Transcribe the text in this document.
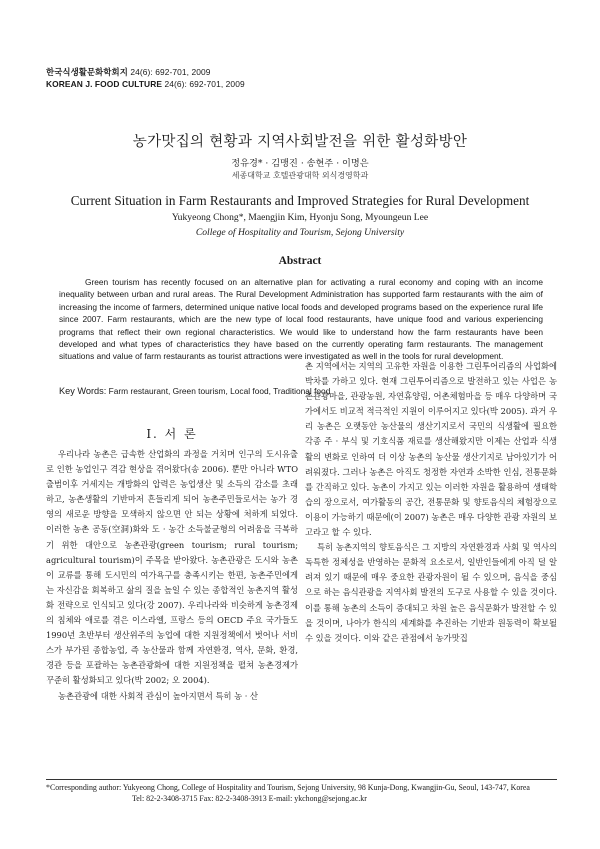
한국식생활문화학회지 24(6): 692-701, 2009
KOREAN J. FOOD CULTURE 24(6): 692-701, 2009
농가맛집의 현황과 지역사회발전을 위한 활성화방안
정유경* · 김맹진 · 송현주 · 이명은
세종대학교 호텔관광대학 외식경영학과
Current Situation in Farm Restaurants and Improved Strategies for Rural Development
Yukyeong Chong*, Maengjin Kim, Hyonju Song, Myoungeun Lee
College of Hospitality and Tourism, Sejong University
Abstract
Green tourism has recently focused on an alternative plan for activating a rural economy and coping with an income inequality between urban and rural areas. The Rural Development Administration has supported farm restaurants with the aim of increasing the income of farmers, determined unique native local foods and developed programs based on the experience rural life since 2007. Farm restaurants, which are the new type of local food restaurants, have unique food and various experiencing programs that reflect their own regional characteristics. We would like to understand how the farm restaurants have been developed and what types of characteristics they have based on the currently operating farm restaurants. The management situations and value of farm restaurants as tourist attractions were investigated as well in the tools for rural development.
Key Words: Farm restaurant, Green tourism, Local food, Traditional food
Ⅰ. 서 론

우리나라 농촌은 급속한 산업화의 과정을 거치며 인구의 도시유출로 인한 농업인구 격감 현상을 겪어왔다(송 2006). 뿐만 아니라 WTO 출범이후 거세지는 개방화의 압력은 농업생산 및 소득의 감소를 초래하고, 농촌생활의 기반마저 흔들리게 되어 농촌주민들로서는 농가 경영의 새로운 방향을 모색하지 않으면 안 되는 상황에 처하게 되었다. 이러한 농촌 공동(空洞)화와 도 · 농간 소득불균형의 어려움을 극복하기 위한 대안으로 농촌관광(green tourism; rural tourism; agricultural tourism)이 주목을 받아왔다. 농촌관광은 도시와 농촌이 교류를 통해 도시민의 여가욕구를 충족시키는 한편, 농촌주민에게는 자신감을 회복하고 삶의 질을 높일 수 있는 종합적인 농촌지역 활성화 전략으로 인식되고 있다(강 2007). 우리나라와 비슷하게 농촌경제의 침체와 애로를 겪은 이스라엘, 프랑스 등의 OECD 주요 국가들도 1990년 초반부터 생산위주의 농업에 대한 지원정책에서 벗어나 서비스가 부가된 종합농업, 즉 농산물과 함께 자연환경, 역사, 문화, 환경, 경관 등을 포괄하는 농촌관광화에 대한 지원정책을 펼쳐 농촌경제가 꾸준히 활성화되고 있다(박 2002; 오 2004).

농촌관광에 대한 사회적 관심이 높아지면서 특히 농 · 산

촌 지역에서는 지역의 고유한 자원을 이용한 그린투어리즘의 사업화에 박차를 가하고 있다. 현재 그린투어리즘으로 발전하고 있는 사업은 농촌관광마을, 관광농원, 자연휴양림, 어촌체험마을 등 매우 다양하며 국가에서도 비교적 적극적인 지원이 이루어지고 있다(박 2005). 과거 우리 농촌은 오랫동안 농산물의 생산기지로서 국민의 식생활에 필요한 각종 주 · 부식 및 기호식품 재료를 생산해왔지만 이제는 산업과 식생활의 변화로 인하여 더 이상 농촌의 농산물 생산기지로 남아있기가 어려워졌다. 그러나 농촌은 아직도 청정한 자연과 소박한 인심, 전통문화를 간직하고 있다. 농촌이 가지고 있는 이러한 자원을 활용하여 생태학습의 장으로서, 여가활동의 공간, 전통문화 및 향토음식의 체험장으로 이용이 가능하기 때문에(이 2007) 농촌은 매우 다양한 관광 자원의 보고라고 할 수 있다.

특히 농촌지역의 향토음식은 그 지방의 자연환경과 사회 및 역사의 독특한 정체성을 반영하는 문화적 요소로서, 일반인들에게 아직 덜 알려져 있기 때문에 매우 중요한 관광자원이 될 수 있으며, 음식을 중심으로 하는 음식관광을 지역사회 발전의 도구로 사용할 수 있을 것이다. 이를 통해 농촌의 소득이 증대되고 차원 높은 음식문화가 발전할 수 있을 것이며, 나아가 한식의 세계화를 추진하는 기반과 원동력이 확보될 수 있을 것이다. 이와 같은 관점에서 농가맛집

*Corresponding author: Yukyeong Chong, College of Hospitality and Tourism, Sejong University, 98 Kunja-Dong, Kwangjin-Gu, Seoul, 143-747, Korea
Tel: 82-2-3408-3715 Fax: 82-2-3408-3913 E-mail: ykchong@sejong.ac.kr
